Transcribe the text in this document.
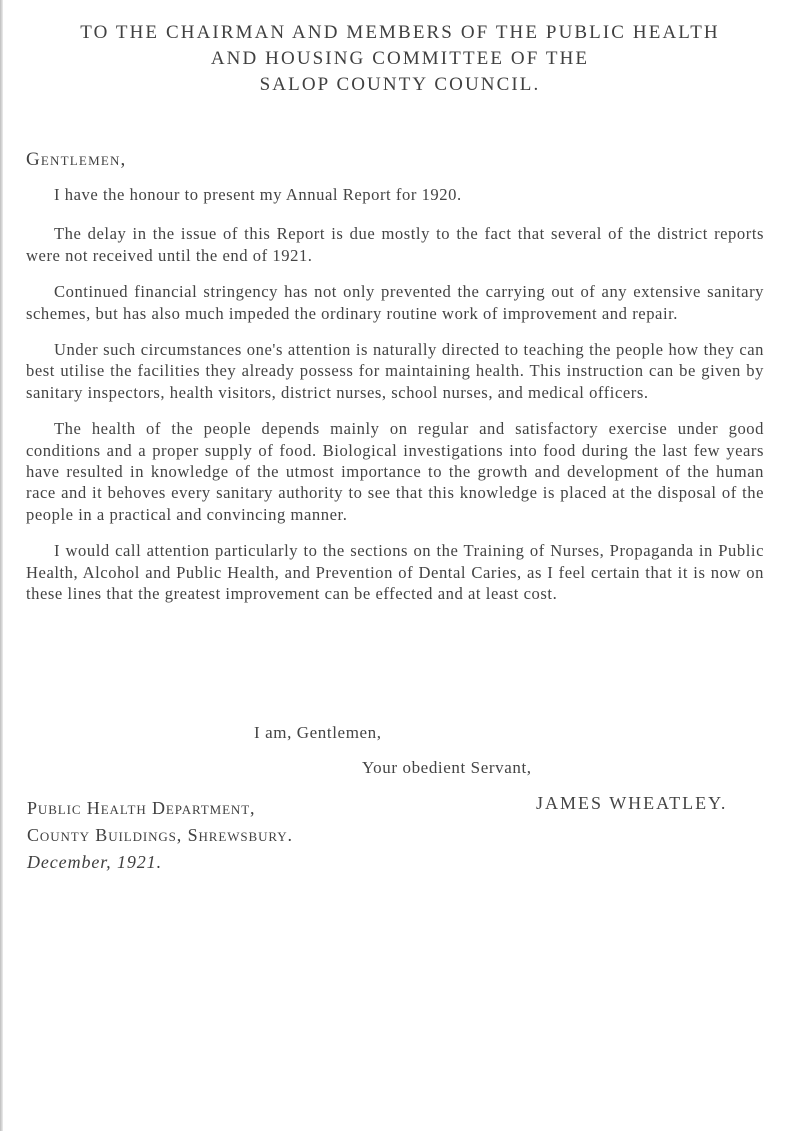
TO THE CHAIRMAN AND MEMBERS OF THE PUBLIC HEALTH
AND HOUSING COMMITTEE OF THE
SALOP COUNTY COUNCIL.
Gentlemen,

I have the honour to present my Annual Report for 1920.

The delay in the issue of this Report is due mostly to the fact that several of the district reports were not received until the end of 1921.

Continued financial stringency has not only prevented the carrying out of any extensive sanitary schemes, but has also much impeded the ordinary routine work of improvement and repair.

Under such circumstances one's attention is naturally directed to teaching the people how they can best utilise the facilities they already possess for maintaining health. This instruction can be given by sanitary inspectors, health visitors, district nurses, school nurses, and medical officers.

The health of the people depends mainly on regular and satisfactory exercise under good conditions and a proper supply of food. Biological investigations into food during the last few years have resulted in knowledge of the utmost importance to the growth and development of the human race and it behoves every sanitary authority to see that this knowledge is placed at the disposal of the people in a practical and convincing manner.

I would call attention particularly to the sections on the Training of Nurses, Propaganda in Public Health, Alcohol and Public Health, and Prevention of Dental Caries, as I feel certain that it is now on these lines that the greatest improvement can be effected and at least cost.

I am, Gentlemen,
Your obedient Servant,
JAMES WHEATLEY.
Public Health Department,
County Buildings, Shrewsbury.
December, 1921.
